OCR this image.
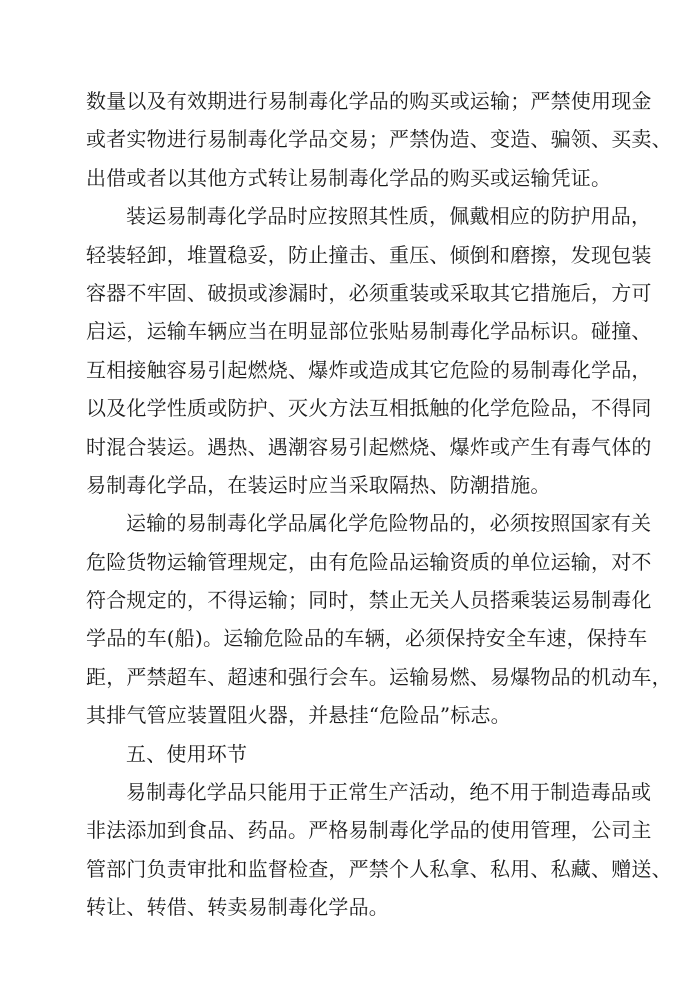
数量以及有效期进行易制毒化学品的购买或运输；严禁使用现金
或者实物进行易制毒化学品交易；严禁伪造、变造、骗领、买卖、
出借或者以其他方式转让易制毒化学品的购买或运输凭证。
装运易制毒化学品时应按照其性质，佩戴相应的防护用品，
轻装轻卸，堆置稳妥，防止撞击、重压、倾倒和磨擦，发现包装
容器不牢固、破损或渗漏时，必须重装或采取其它措施后，方可
启运，运输车辆应当在明显部位张贴易制毒化学品标识。碰撞、
互相接触容易引起燃烧、爆炸或造成其它危险的易制毒化学品，
以及化学性质或防护、灭火方法互相抵触的化学危险品，不得同
时混合装运。遇热、遇潮容易引起燃烧、爆炸或产生有毒气体的
易制毒化学品，在装运时应当采取隔热、防潮措施。
运输的易制毒化学品属化学危险物品的，必须按照国家有关
危险货物运输管理规定，由有危险品运输资质的单位运输，对不
符合规定的，不得运输；同时，禁止无关人员搭乘装运易制毒化
学品的车(船)。运输危险品的车辆，必须保持安全车速，保持车
距，严禁超车、超速和强行会车。运输易燃、易爆物品的机动车，
其排气管应装置阻火器，并悬挂“危险品”标志。
五、使用环节
易制毒化学品只能用于正常生产活动，绝不用于制造毒品或
非法添加到食品、药品。严格易制毒化学品的使用管理，公司主
管部门负责审批和监督检查，严禁个人私拿、私用、私藏、赠送、
转让、转借、转卖易制毒化学品。
